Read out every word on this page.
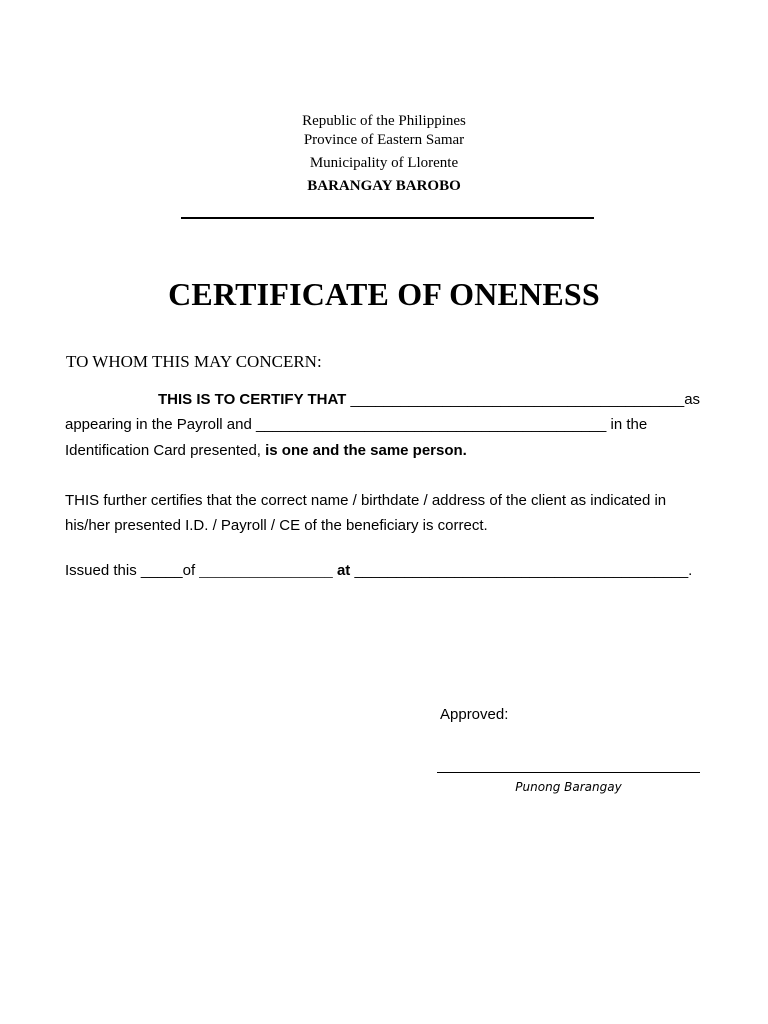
Republic of the Philippines
Province of Eastern Samar
Municipality of Llorente
BARANGAY BAROBO
CERTIFICATE OF ONENESS
TO WHOM THIS MAY CONCERN:
THIS IS TO CERTIFY THAT ________________________________________as
appearing in the Payroll and __________________________________________ in the
Identification Card presented, is one and the same person.
THIS further certifies that the correct name / birthdate / address of the client as indicated in
his/her presented I.D. / Payroll / CE of the beneficiary is correct.
Issued this _____of ________________ at ________________________________________.
Approved:
Punong Barangay
